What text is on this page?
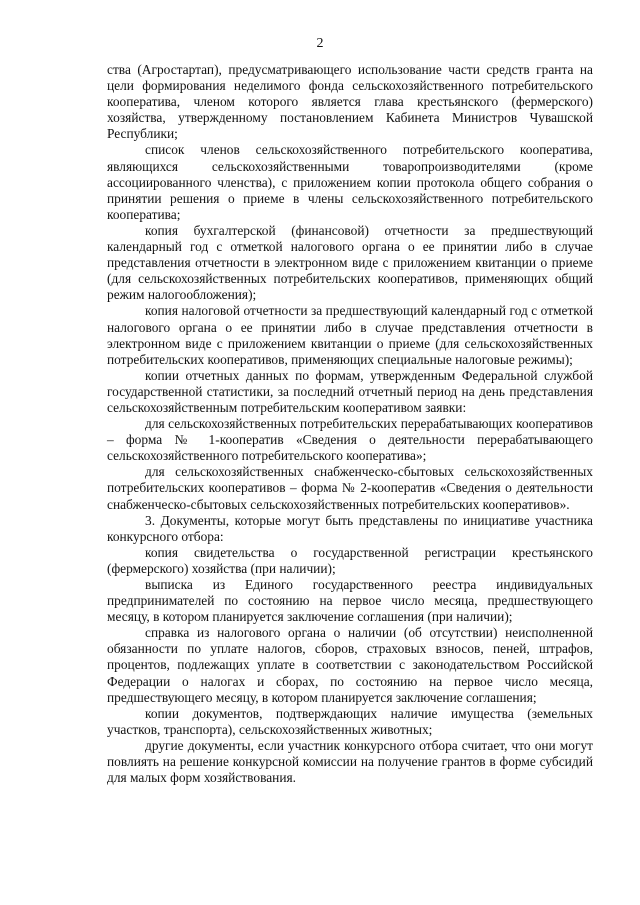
2

ства (Агростартап), предусматривающего использование части средств гранта на цели формирования неделимого фонда сельскохозяйственного потребительского кооператива, членом которого является глава крестьянского (фермерского) хозяйства, утвержденному постановлением Кабинета Министров Чувашской Республики;

список членов сельскохозяйственного потребительского кооператива, являющихся сельскохозяйственными товаропроизводителями (кроме ассоциированного членства), с приложением копии протокола общего собрания о принятии решения о приеме в члены сельскохозяйственного потребительского кооператива;

копия бухгалтерской (финансовой) отчетности за предшествующий календарный год с отметкой налогового органа о ее принятии либо в случае представления отчетности в электронном виде с приложением квитанции о приеме (для сельскохозяйственных потребительских кооперативов, применяющих общий режим налогообложения);

копия налоговой отчетности за предшествующий календарный год с отметкой налогового органа о ее принятии либо в случае представления отчетности в электронном виде с приложением квитанции о приеме (для сельскохозяйственных потребительских кооперативов, применяющих специальные налоговые режимы);

копии отчетных данных по формам, утвержденным Федеральной службой государственной статистики, за последний отчетный период на день представления сельскохозяйственным потребительским кооперативом заявки:

для сельскохозяйственных потребительских перерабатывающих кооперативов – форма № 1-кооператив «Сведения о деятельности перерабатывающего сельскохозяйственного потребительского кооператива»;

для сельскохозяйственных снабженческо-сбытовых сельскохозяйственных потребительских кооперативов – форма № 2-кооператив «Сведения о деятельности снабженческо-сбытовых сельскохозяйственных потребительских кооперативов».

3. Документы, которые могут быть представлены по инициативе участника конкурсного отбора:

копия свидетельства о государственной регистрации крестьянского (фермерского) хозяйства (при наличии);

выписка из Единого государственного реестра индивидуальных предпринимателей по состоянию на первое число месяца, предшествующего месяцу, в котором планируется заключение соглашения (при наличии);

справка из налогового органа о наличии (об отсутствии) неисполненной обязанности по уплате налогов, сборов, страховых взносов, пеней, штрафов, процентов, подлежащих уплате в соответствии с законодательством Российской Федерации о налогах и сборах, по состоянию на первое число месяца, предшествующего месяцу, в котором планируется заключение соглашения;

копии документов, подтверждающих наличие имущества (земельных участков, транспорта), сельскохозяйственных животных;

другие документы, если участник конкурсного отбора считает, что они могут повлиять на решение конкурсной комиссии на получение грантов в форме субсидий для малых форм хозяйствования.
